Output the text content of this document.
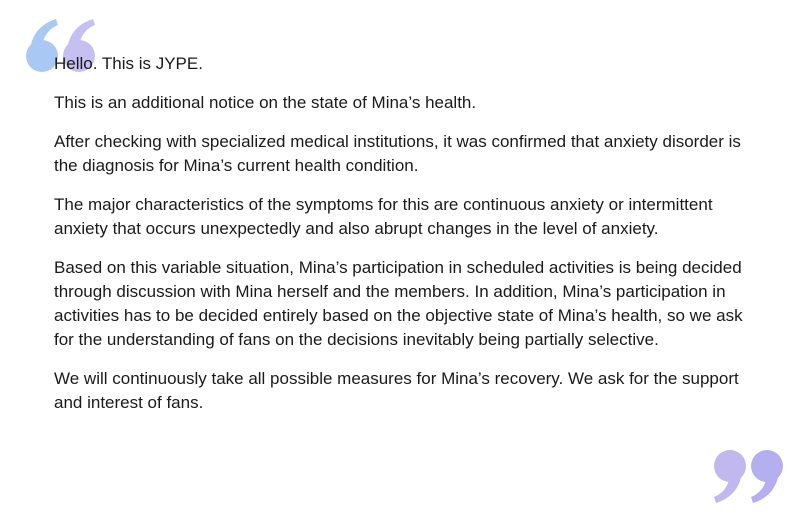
Hello. This is JYPE.

This is an additional notice on the state of Mina’s health.

After checking with specialized medical institutions, it was confirmed that anxiety disorder is the diagnosis for Mina’s current health condition.

The major characteristics of the symptoms for this are continuous anxiety or intermittent anxiety that occurs unexpectedly and also abrupt changes in the level of anxiety.

Based on this variable situation, Mina’s participation in scheduled activities is being decided through discussion with Mina herself and the members. In addition, Mina’s participation in activities has to be decided entirely based on the objective state of Mina’s health, so we ask for the understanding of fans on the decisions inevitably being partially selective.

We will continuously take all possible measures for Mina’s recovery. We ask for the support and interest of fans.
